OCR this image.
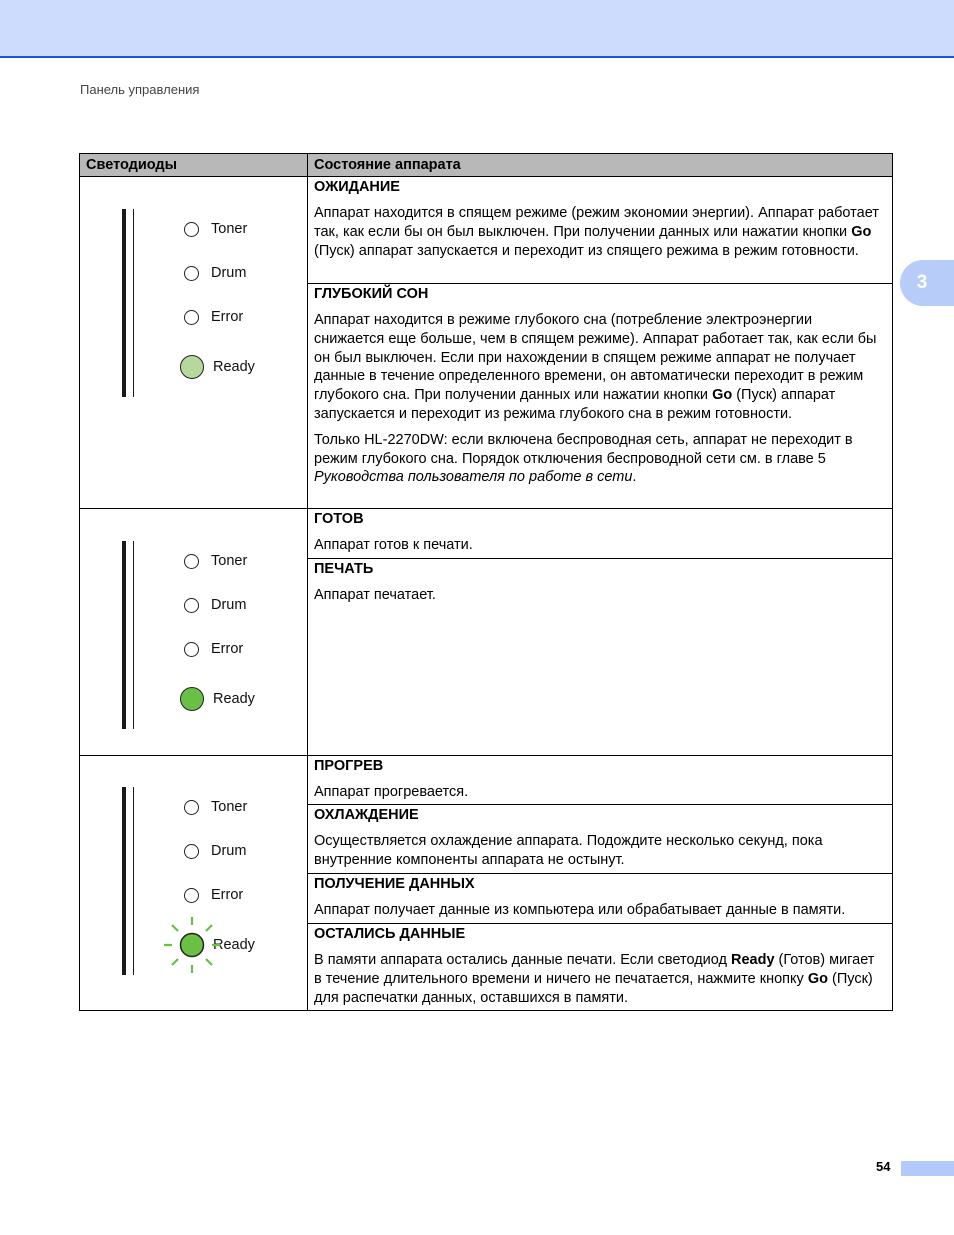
Панель управления
3
Светодиоды	Состояние аппарата
Toner
Drum
Error
Ready
ОЖИДАНИЕ
Аппарат находится в спящем режиме (режим экономии энергии). Аппарат работает так, как если бы он был выключен. При получении данных или нажатии кнопки Go (Пуск) аппарат запускается и переходит из спящего режима в режим готовности.
ГЛУБОКИЙ СОН
Аппарат находится в режиме глубокого сна (потребление электроэнергии снижается еще больше, чем в спящем режиме). Аппарат работает так, как если бы он был выключен. Если при нахождении в спящем режиме аппарат не получает данные в течение определенного времени, он автоматически переходит в режим глубокого сна. При получении данных или нажатии кнопки Go (Пуск) аппарат запускается и переходит из режима глубокого сна в режим готовности.
Только HL-2270DW: если включена беспроводная сеть, аппарат не переходит в режим глубокого сна. Порядок отключения беспроводной сети см. в главе 5 Руководства пользователя по работе в сети.
Toner
Drum
Error
Ready
ГОТОВ
Аппарат готов к печати.
ПЕЧАТЬ
Аппарат печатает.
Toner
Drum
Error
Ready
ПРОГРЕВ
Аппарат прогревается.
ОХЛАЖДЕНИЕ
Осуществляется охлаждение аппарата. Подождите несколько секунд, пока внутренние компоненты аппарата не остынут.
ПОЛУЧЕНИЕ ДАННЫХ
Аппарат получает данные из компьютера или обрабатывает данные в памяти.
ОСТАЛИСЬ ДАННЫЕ
В памяти аппарата остались данные печати. Если светодиод Ready (Готов) мигает в течение длительного времени и ничего не печатается, нажмите кнопку Go (Пуск) для распечатки данных, оставшихся в памяти.
54
